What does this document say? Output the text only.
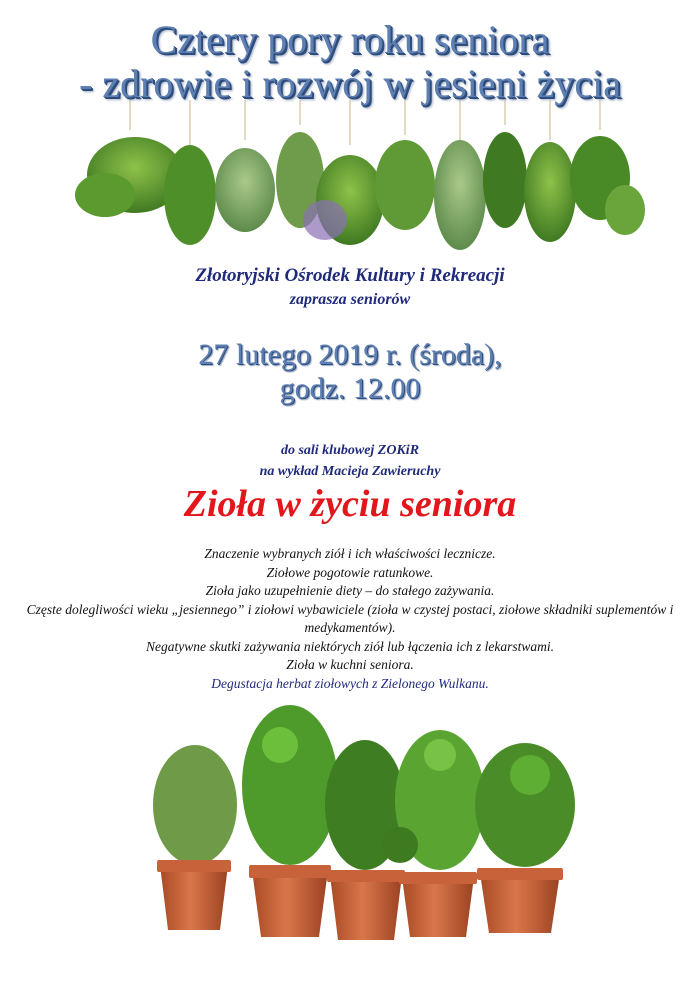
Cztery pory roku seniora
- zdrowie i rozwój w jesieni życia
Złotoryjski Ośrodek Kultury i Rekreacji
zaprasza seniorów
27 lutego 2019 r. (środa),
godz. 12.00
do sali klubowej ZOKiR
na wykład Macieja Zawieruchy
Zioła w życiu seniora
Znaczenie wybranych ziół i ich właściwości lecznicze.
Ziołowe pogotowie ratunkowe.
Zioła jako uzupełnienie diety – do stałego zażywania.
Częste dolegliwości wieku „jesiennego” i ziołowi wybawiciele (zioła w czystej postaci, ziołowe składniki suplementów i medykamentów).
Negatywne skutki zażywania niektórych ziół lub łączenia ich z lekarstwami.
Zioła w kuchni seniora.
Degustacja herbat ziołowych z Zielonego Wulkanu.
